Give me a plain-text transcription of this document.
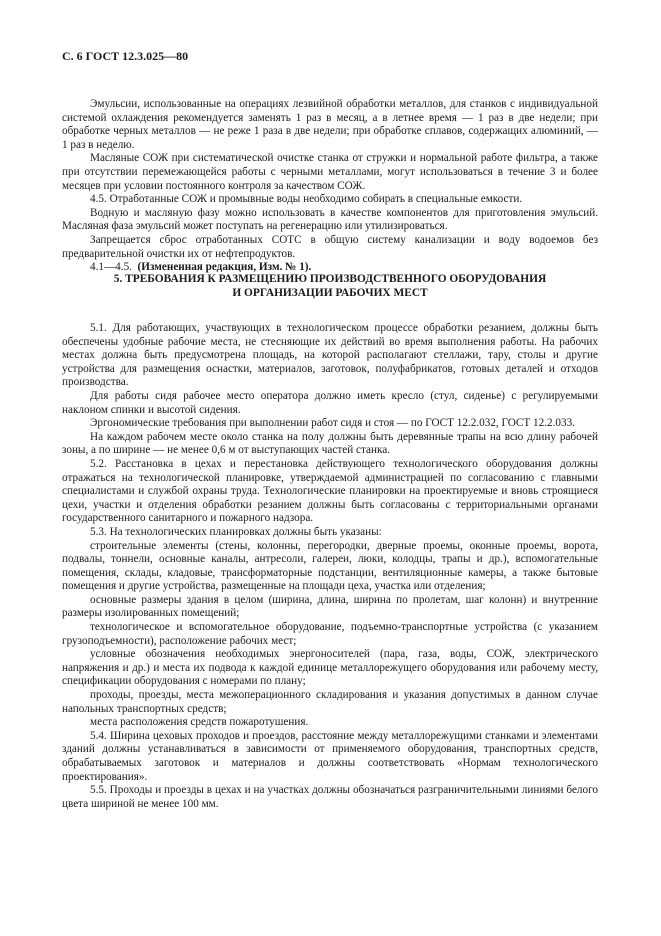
С. 6 ГОСТ 12.3.025—80

Эмульсии, использованные на операциях лезвийной обработки металлов, для станков с индивидуальной системой охлаждения рекомендуется заменять 1 раз в месяц, а в летнее время — 1 раз в две недели; при обработке черных металлов — не реже 1 раза в две недели; при обработке сплавов, содержащих алюминий, — 1 раз в неделю.

Масляные СОЖ при систематической очистке станка от стружки и нормальной работе фильтра, а также при отсутствии перемежающейся работы с черными металлами, могут использоваться в течение 3 и более месяцев при условии постоянного контроля за качеством СОЖ.

4.5. Отработанные СОЖ и промывные воды необходимо собирать в специальные емкости.

Водную и масляную фазу можно использовать в качестве компонентов для приготовления эмульсий. Масляная фаза эмульсий может поступать на регенерацию или утилизироваться.

Запрещается сброс отработанных СОТС в общую систему канализации и воду водоемов без предварительной очистки их от нефтепродуктов.

4.1—4.5. (Измененная редакция, Изм. № 1).

5. ТРЕБОВАНИЯ К РАЗМЕЩЕНИЮ ПРОИЗВОДСТВЕННОГО ОБОРУДОВАНИЯ
И ОРГАНИЗАЦИИ РАБОЧИХ МЕСТ

5.1. Для работающих, участвующих в технологическом процессе обработки резанием, должны быть обеспечены удобные рабочие места, не стесняющие их действий во время выполнения работы. На рабочих местах должна быть предусмотрена площадь, на которой располагают стеллажи, тару, столы и другие устройства для размещения оснастки, материалов, заготовок, полуфабрикатов, готовых деталей и отходов производства.

Для работы сидя рабочее место оператора должно иметь кресло (стул, сиденье) с регулируемыми наклоном спинки и высотой сидения.

Эргономические требования при выполнении работ сидя и стоя — по ГОСТ 12.2.032, ГОСТ 12.2.033.

На каждом рабочем месте около станка на полу должны быть деревянные трапы на всю длину рабочей зоны, а по ширине — не менее 0,6 м от выступающих частей станка.

5.2. Расстановка в цехах и перестановка действующего технологического оборудования должны отражаться на технологической планировке, утверждаемой администрацией по согласованию с главными специалистами и службой охраны труда. Технологические планировки на проектируемые и вновь строящиеся цехи, участки и отделения обработки резанием должны быть согласованы с территориальными органами государственного санитарного и пожарного надзора.

5.3. На технологических планировках должны быть указаны:

строительные элементы (стены, колонны, перегородки, дверные проемы, оконные проемы, ворота, подвалы, тоннели, основные каналы, антресоли, галереи, люки, колодцы, трапы и др.), вспомогательные помещения, склады, кладовые, трансформаторные подстанции, вентиляционные камеры, а также бытовые помещения и другие устройства, размещенные на площади цеха, участка или отделения;

основные размеры здания в целом (ширина, длина, ширина по пролетам, шаг колонн) и внутренние размеры изолированных помещений;

технологическое и вспомогательное оборудование, подъемно-транспортные устройства (с указанием грузоподъемности), расположение рабочих мест;

условные обозначения необходимых энергоносителей (пара, газа, воды, СОЖ, электрического напряжения и др.) и места их подвода к каждой единице металлорежущего оборудования или рабочему месту, спецификации оборудования с номерами по плану;

проходы, проезды, места межоперационного складирования и указания допустимых в данном случае напольных транспортных средств;

места расположения средств пожаротушения.

5.4. Ширина цеховых проходов и проездов, расстояние между металлорежущими станками и элементами зданий должны устанавливаться в зависимости от применяемого оборудования, транспортных средств, обрабатываемых заготовок и материалов и должны соответствовать «Нормам технологического проектирования».

5.5. Проходы и проезды в цехах и на участках должны обозначаться разграничительными линиями белого цвета шириной не менее 100 мм.
